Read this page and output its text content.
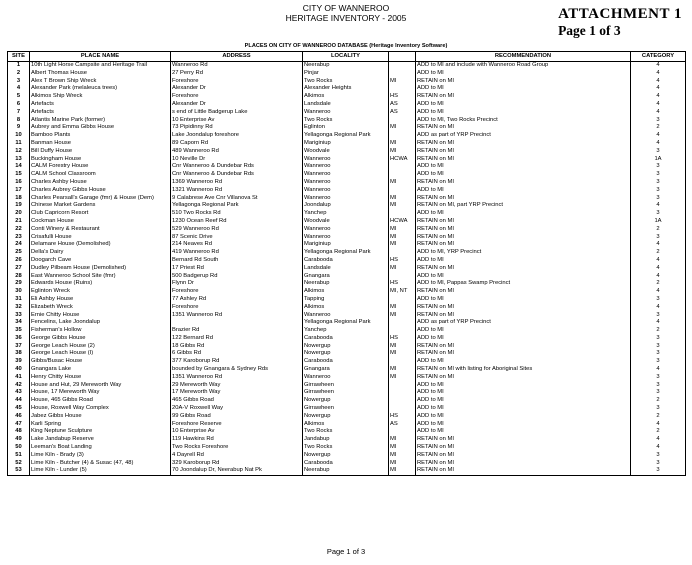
CITY OF WANNEROO
HERITAGE INVENTORY - 2005	ATTACHMENT 1
Page 1 of 3
PLACES ON CITY OF WANNEROO DATABASE (Heritage Inventory Software)
SITE	PLACE NAME	ADDRESS	LOCALITY		RECOMMENDATION	CATEGORY
1	10th Light Horse Campsite and Heritage Trail	Wanneroo Rd	Neerabup		ADD to MI and include with Wanneroo Road Group	4
2	Albert Thomas House	27 Perry Rd	Pinjar		ADD to MI	4
3	Alex T Brown Ship Wreck	Foreshore	Two Rocks	MI	RETAIN on MI	4
4	Alexander Park (melaleuca trees)	Alexander Dr	Alexander Heights		ADD to MI	4
5	Alkimos Ship Wreck	Foreshore	Alkimos	HS	RETAIN on MI	4
6	Artefacts	Alexander Dr	Landsdale	AS	ADD to MI	4
7	Artefacts	s end of Little Badgerup Lake	Wanneroo	AS	ADD to MI	4
8	Atlantis Marine Park (former)	10 Enterprise Av	Two Rocks		ADD to MI, Two Rocks Precinct	3
9	Aubrey and Emma Gibbs House	73 Pipidinny Rd	Eglinton	MI	RETAIN on MI	2
10	Bamboo Plants	Lake Joondalup foreshore	Yellagonga Regional Park		ADD as part of YRP Precinct	4
11	Banman House	89 Caporn Rd	Mariginiup	MI	RETAIN on MI	4
12	Bill Duffy House	489 Wanneroo Rd	Woodvale	MI	RETAIN on MI	3
13	Buckingham House	10 Neville Dr	Wanneroo	HCWA	RETAIN on MI	1A
14	CALM Forestry House	Cnr Wanneroo & Dundebar Rds	Wanneroo		ADD to MI	3
15	CALM School Classroom	Cnr Wanneroo & Dundebar Rds	Wanneroo		ADD to MI	3
16	Charles Ashby House	1369 Wanneroo Rd	Wanneroo	MI	RETAIN on MI	3
17	Charles Aubrey Gibbs House	1321 Wanneroo Rd	Wanneroo		ADD to MI	3
18	Charles Pearsall's Garage (fmr) & House (Dem)	9 Calabrese Ave Cnr Villanova St	Wanneroo	MI	RETAIN on MI	3
19	Chinese Market Gardens	Yellagonga Regional Park	Joondalup	MI	RETAIN on MI, part YRP Precinct	4
20	Club Capricorn Resort	510 Two Rocks Rd	Yanchep		ADD to MI	3
21	Cockman House	1230 Ocean Reef Rd	Woodvale	HCWA	RETAIN on MI	1A
22	Conti Winery & Restaurant	529 Wanneroo Rd	Wanneroo	MI	RETAIN on MI	2
23	Crisafulli House	87 Scenic Drive	Wanneroo	MI	RETAIN on MI	3
24	Delamare House (Demolished)	214 Neaves Rd	Mariginiup	MI	RETAIN on MI	4
25	Della's Dairy	419 Wanneroo Rd	Yellagonga Regional Park		ADD to MI, YRP Precinct	2
26	Doogarch Cave	Bernard Rd South	Carabooda	HS	ADD to MI	4
27	Dudley Pilbeam House (Demolished)	17 Priest Rd	Landsdale	MI	RETAIN on MI	4
28	East Wanneroo School Site (fmr)	500 Badgerup Rd	Gnangara		ADD to MI	4
29	Edwards House (Ruins)	Flynn Dr	Neerabup	HS	ADD to MI, Pappas Swamp Precinct	2
30	Eglinton Wreck	Foreshore	Alkimos	MI, NT	RETAIN on MI	4
31	Eli Ashby House	77 Ashley Rd	Tapping		ADD to MI	3
32	Elizabeth Wreck	Foreshore	Alkimos	MI	RETAIN on MI	4
33	Ernie Chitty House	1351 Wanneroo Rd	Wanneroo	MI	RETAIN on MI	3
34	Fencelins, Lake Joondalup		Yellagonga Regional Park		ADD as part of YRP Precinct	4
35	Fisherman's Hollow	Brazier Rd	Yanchep		ADD to MI	2
36	George Gibbs House	122 Bernard Rd	Carabooda	HS	ADD to MI	3
37	George Leach House (2)	18 Gibbs Rd	Nowergup	MI	RETAIN on MI	3
38	George Leach House (I)	6 Gibbs Rd	Nowergup	MI	RETAIN on MI	3
39	Gibbs/Busac House	377 Karoborup Rd	Carabooda		ADD to MI	3
40	Gnangara Lake	bounded by Gnangara & Sydney Rds	Gnangara	MI	RETAIN on MI with listing for Aboriginal Sites	4
41	Henry Chitty House	1351 Wanneroo Rd	Wanneroo	MI	RETAIN on MI	3
42	House and Hut, 29 Mereworth Way	29 Mereworth Way	Girrawheen		ADD to MI	3
43	House, 17 Mereworth Way	17 Mereworth Way	Girrawheen		ADD to MI	3
44	House, 465 Gibbs Road	465 Gibbs Road	Nowergup		ADD to MI	2
45	House, Roxwell Way Complex	20A-V Roxwell Way	Girrawheen		ADD to MI	3
46	Jabez Gibbs House	99 Gibbs Road	Nowergup	HS	ADD to MI	2
47	Karli Spring	Foreshore Reserve	Alkimos	AS	ADD to MI	4
48	King Neptune Sculpture	10 Enterprise Av	Two Rocks		ADD to MI	2
49	Lake Jandabup Reserve	119 Hawkins Rd	Jandabup	MI	RETAIN on MI	4
50	Leeman's Boat Landing	Two Rocks Foreshore	Two Rocks	MI	RETAIN on MI	4
51	Lime Kiln - Brady (3)	4 Dayrell Rd	Nowergup	MI	RETAIN on MI	3
52	Lime Kiln - Butcher (4) & Susac (47, 48)	329 Karoborup Rd	Carabooda	MI	RETAIN on MI	3
53	Lime Kiln - Lunder (5)	70 Joondalup Dr, Neerabup Nat Pk	Neerabup	MI	RETAIN on MI	3
Page 1 of 3
